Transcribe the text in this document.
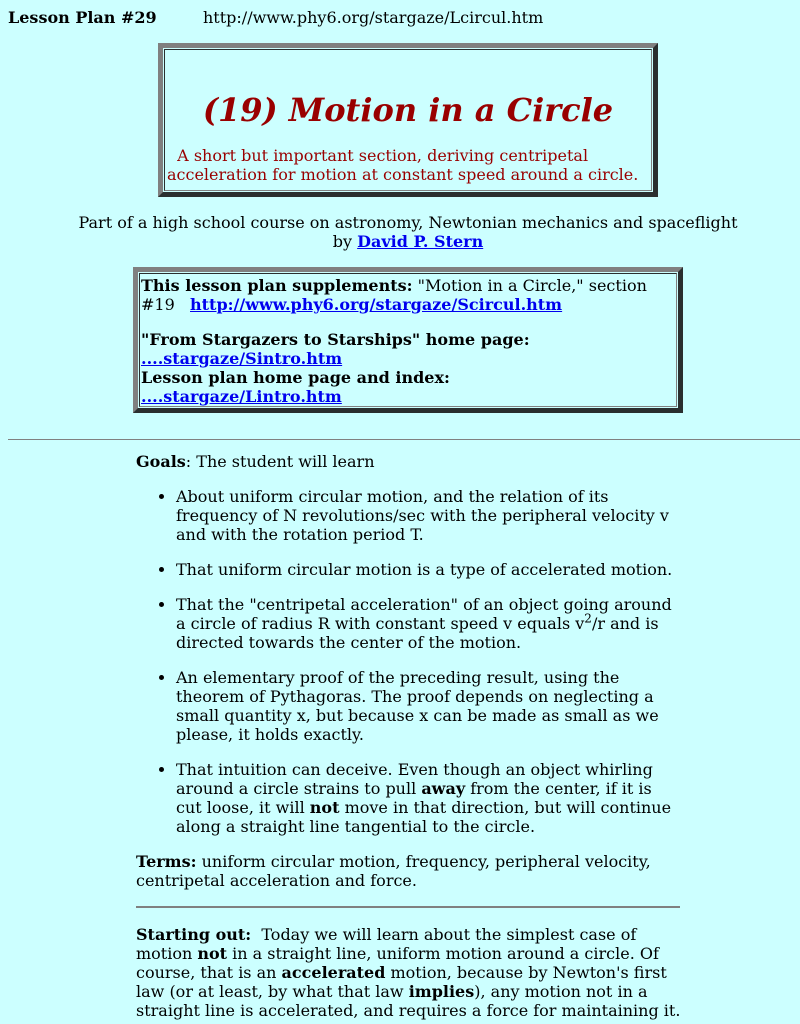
Lesson Plan #29	http://www.phy6.org/stargaze/Lcircul.htm
(19) Motion in a Circle
A short but important section, deriving centripetal acceleration for motion at constant speed around a circle.
Part of a high school course on astronomy, Newtonian mechanics and spaceflight
by David P. Stern
This lesson plan supplements: "Motion in a Circle," section #19 http://www.phy6.org/stargaze/Scircul.htm
"From Stargazers to Starships" home page:
....stargaze/Sintro.htm
Lesson plan home page and index:
....stargaze/Lintro.htm

Goals: The student will learn

• About uniform circular motion, and the relation of its frequency of N revolutions/sec with the peripheral velocity v and with the rotation period T.
• That uniform circular motion is a type of accelerated motion.
• That the "centripetal acceleration" of an object going around a circle of radius R with constant speed v equals $v^2/r$ and is directed towards the center of the motion.
• An elementary proof of the preceding result, using the theorem of Pythagoras. The proof depends on neglecting a small quantity x, but because x can be made as small as we please, it holds exactly.
• That intuition can deceive. Even though an object whirling around a circle strains to pull away from the center, if it is cut loose, it will not move in that direction, but will continue along a straight line tangential to the circle.

Terms: uniform circular motion, frequency, peripheral velocity, centripetal acceleration and force.

Starting out:  Today we will learn about the simplest case of motion not in a straight line, uniform motion around a circle. Of course, that is an accelerated motion, because by Newton's first law (or at least, by what that law implies), any motion not in a straight line is accelerated, and requires a force for maintaining it.
